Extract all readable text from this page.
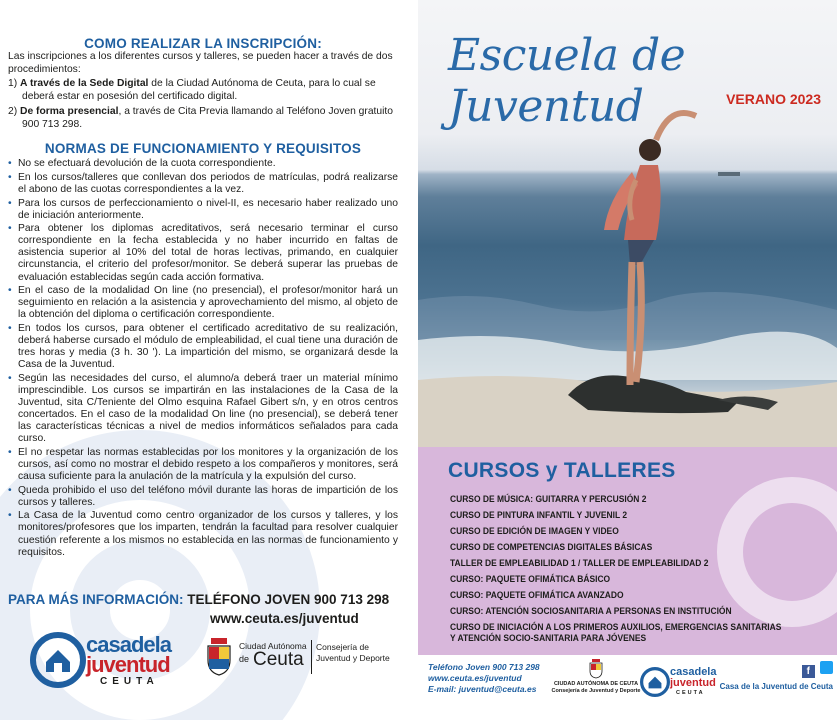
COMO REALIZAR LA INSCRIPCIÓN:

Las inscripciones a los diferentes cursos y talleres, se pueden hacer a través de dos procedimientos:

1) A través de la Sede Digital de la Ciudad Autónoma de Ceuta, para lo cual se deberá estar en posesión del certificado digital.

2) De forma presencial, a través de Cita Previa llamando al Teléfono Joven gratuito 900 713 298.

NORMAS DE FUNCIONAMIENTO Y REQUISITOS
• No se efectuará devolución de la cuota correspondiente.
• En los cursos/talleres que conllevan dos periodos de matrículas, podrá realizarse el abono de las cuotas correspondientes a la vez.
• Para los cursos de perfeccionamiento o nivel-II, es necesario haber realizado uno de iniciación anteriormente.
• Para obtener los diplomas acreditativos, será necesario terminar el curso correspondiente en la fecha establecida y no haber incurrido en faltas de asistencia superior al 10% del total de horas lectivas, primando, en cualquier circunstancia, el criterio del profesor/monitor. Se deberá superar las pruebas de evaluación establecidas según cada acción formativa.
• En el caso de la modalidad On line (no presencial), el profesor/monitor hará un seguimiento en relación a la asistencia y aprovechamiento del mismo, al objeto de la obtención del diploma o certificación correspondiente.
• En todos los cursos, para obtener el certificado acreditativo de su realización, deberá haberse cursado el módulo de empleabilidad, el cual tiene una duración de tres horas y media (3 h. 30 '). La impartición del mismo, se organizará desde la Casa de la Juventud.
• Según las necesidades del curso, el alumno/a deberá traer un material mínimo imprescindible. Los cursos se impartirán en las instalaciones de la Casa de la Juventud, sita C/Teniente del Olmo esquina Rafael Gibert s/n, y en otros centros concertados. En el caso de la modalidad On line (no presencial), se deberá tener las características técnicas a nivel de medios informáticos señalados para cada curso.
• El no respetar las normas establecidas por los monitores y la organización de los cursos, así como no mostrar el debido respeto a los compañeros y monitores, será causa suficiente para la anulación de la matrícula y la expulsión del curso.
• Queda prohibido el uso del teléfono móvil durante las horas de impartición de los cursos y talleres.
• La Casa de la Juventud como centro organizador de los cursos y talleres, y los monitores/profesores que los imparten, tendrán la facultad para resolver cualquier cuestión referente a los mismos no establecida en las normas de funcionamiento y requisitos.
PARA MÁS INFORMACIÓN: TELÉFONO JOVEN 900 713 298
www.ceuta.es/juventud
casadela
juventud
CEUTA
Ciudad Autónoma
de Ceuta
Consejería de Juventud y Deporte
Escuela de Juventud	VERANO 2023
CURSOS y TALLERES
CURSO DE MÚSICA: GUITARRA Y PERCUSIÓN 2
CURSO DE PINTURA INFANTIL Y JUVENIL 2
CURSO DE EDICIÓN DE IMAGEN Y VIDEO
CURSO DE COMPETENCIAS DIGITALES BÁSICAS
TALLER DE EMPLEABILIDAD 1 / TALLER DE EMPLEABILIDAD 2
CURSO: PAQUETE OFIMÁTICA BÁSICO
CURSO: PAQUETE OFIMÁTICA AVANZADO
CURSO: ATENCIÓN SOCIOSANITARIA A PERSONAS EN INSTITUCIÓN
CURSO DE INICIACIÓN A LOS PRIMEROS AUXILIOS, EMERGENCIAS SANITARIAS
Y ATENCIÓN SOCIO-SANITARIA PARA JÓVENES
Teléfono Joven 900 713 298
www.ceuta.es/juventud
E-mail: juventud@ceuta.es	CIUDAD AUTÓNOMA DE CEUTA
Consejería de Juventud y Deporte
casadela
juventud
CEUTA
f
Casa de la Juventud de Ceuta
